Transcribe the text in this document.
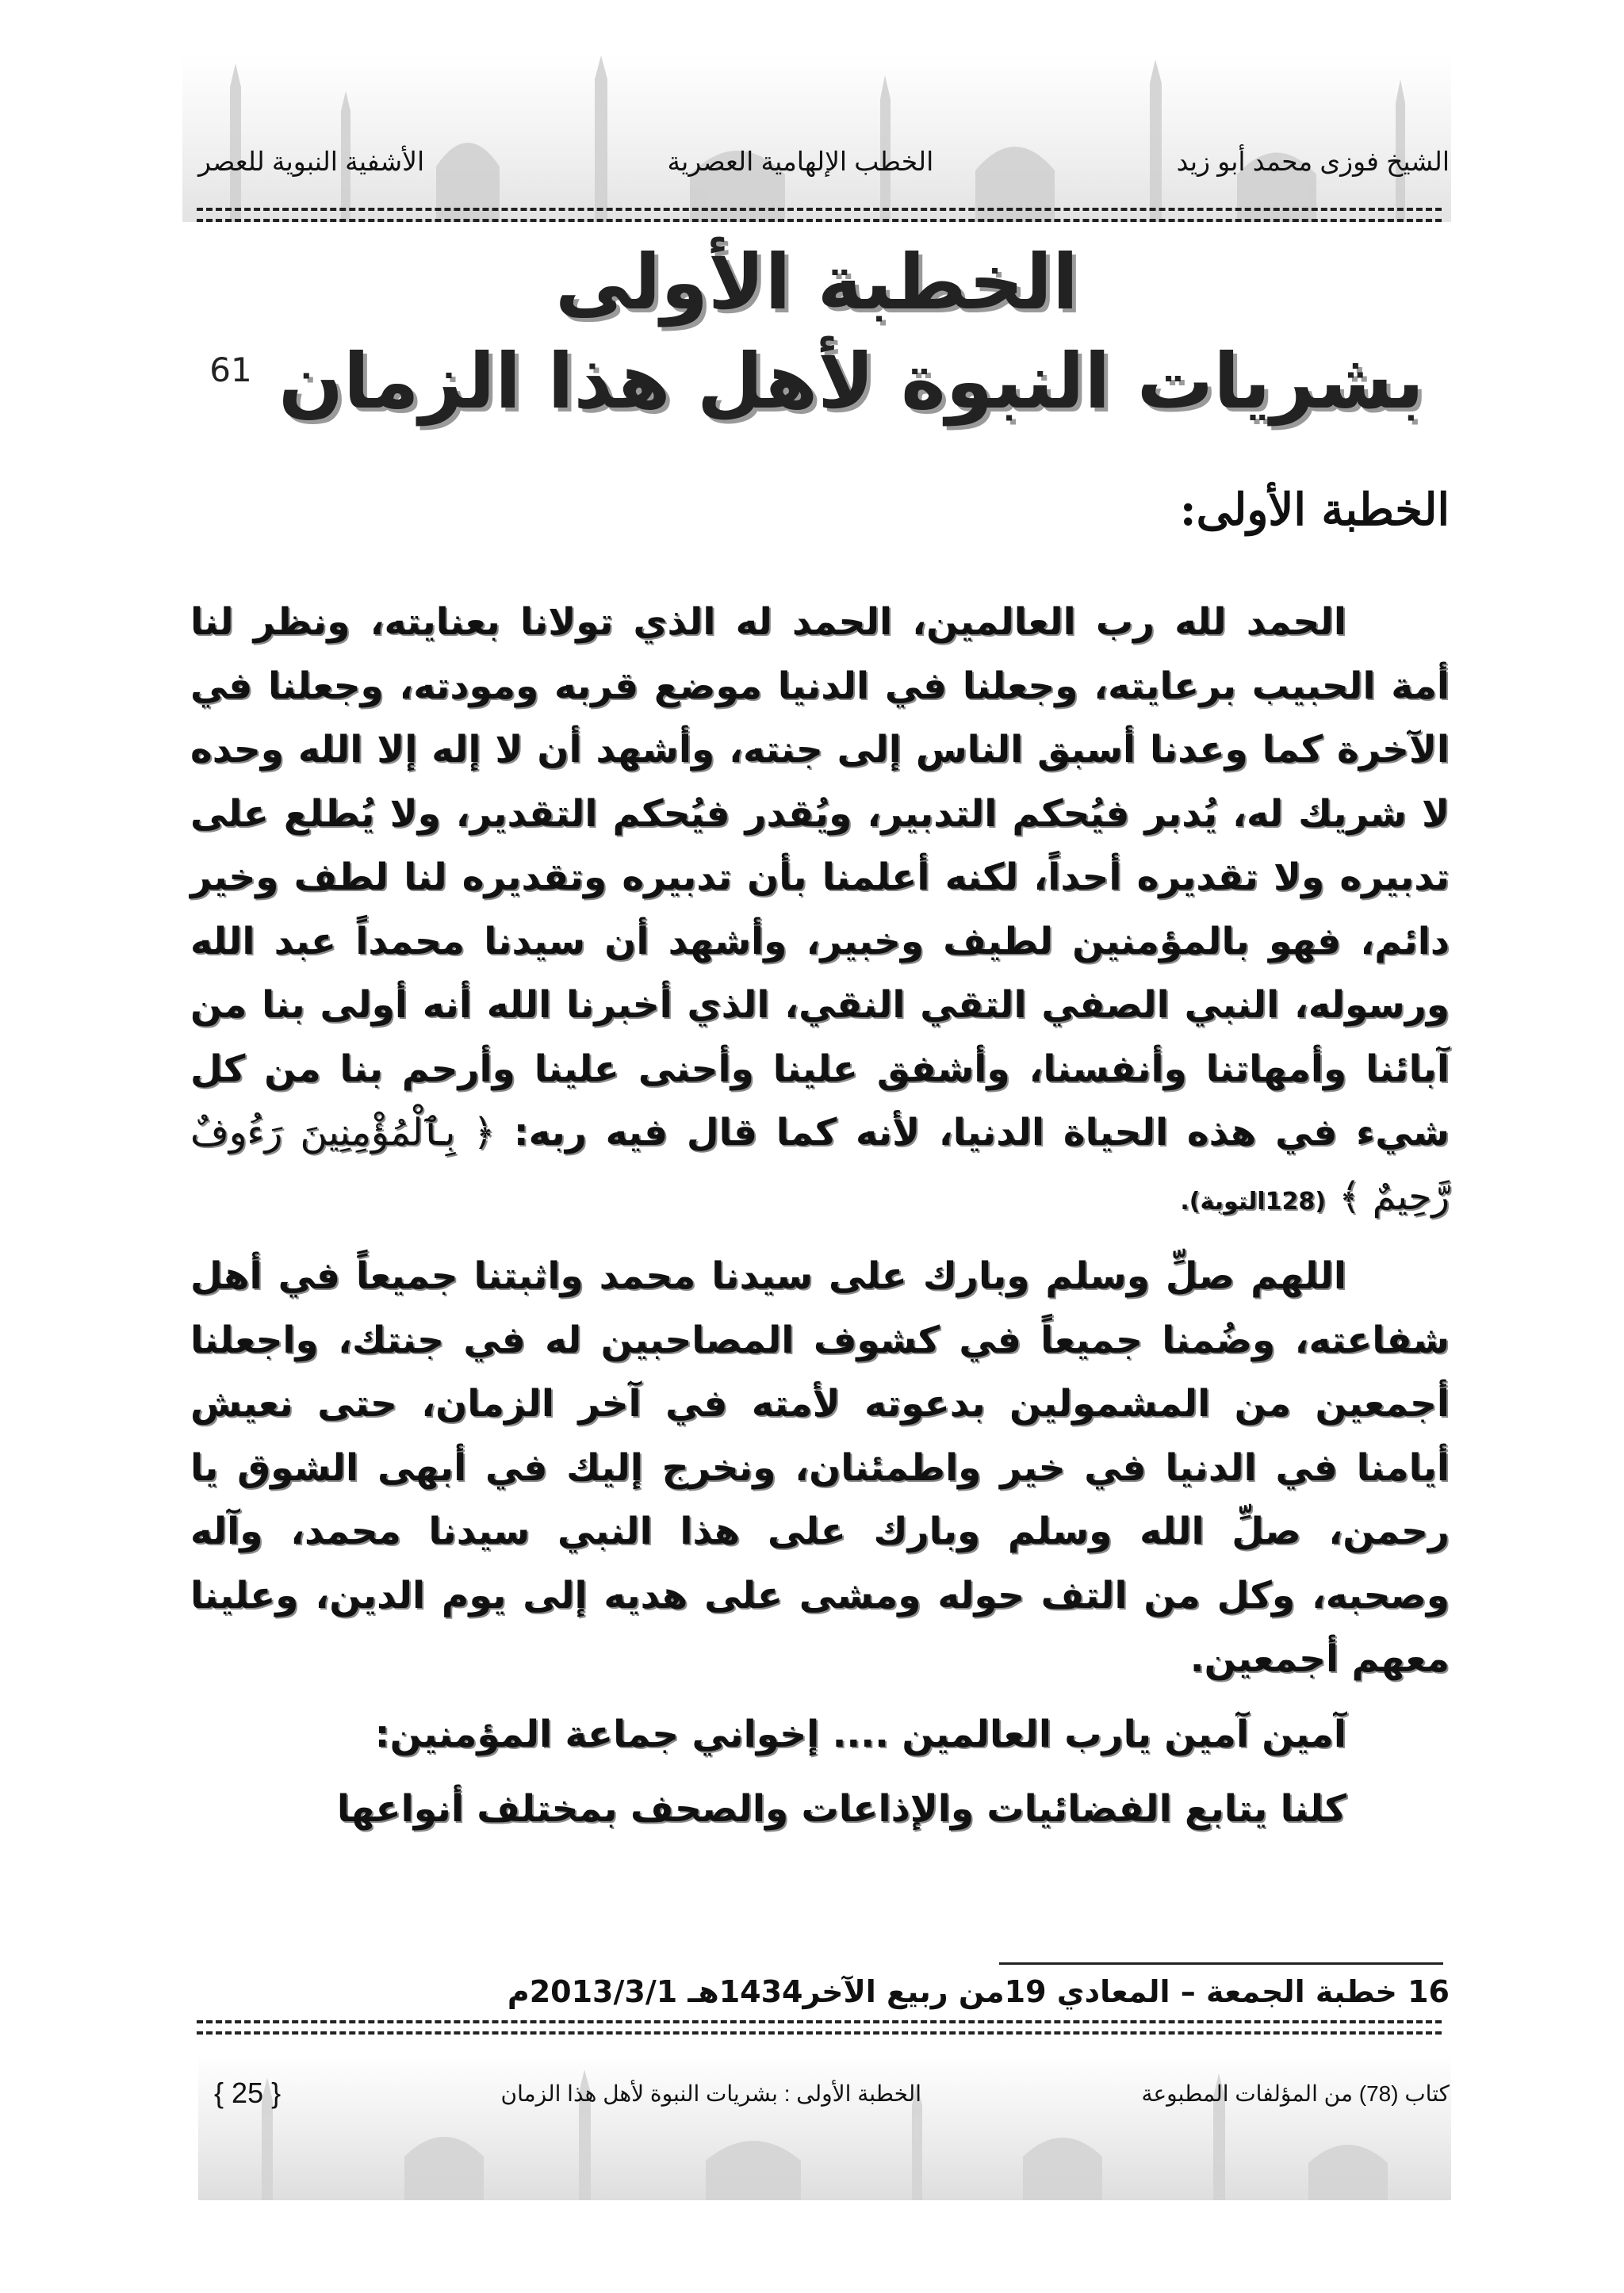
الشيخ فوزى محمد أبو زيد
الخطب الإلهامية العصرية
الأشفية النبوية للعصر
الخطبة الأولى
بشريات النبوة لأهل هذا الزمان $^{61}$
الخطبة الأولى:

الحمد لله رب العالمين، الحمد له الذي تولانا بعنايته، ونظر لنا أمة الحبيب برعايته، وجعلنا في الدنيا موضع قربه ومودته، وجعلنا في الآخرة كما وعدنا أسبق الناس إلى جنته، وأشهد أن لا إله إلا الله وحده لا شريك له، يُدبر فيُحكم التدبير، ويُقدر فيُحكم التقدير، ولا يُطلع على تدبيره ولا تقديره أحداً، لكنه أعلمنا بأن تدبيره وتقديره لنا لطف وخير دائم، فهو بالمؤمنين لطيف وخبير، وأشهد أن سيدنا محمداً عبد الله ورسوله، النبي الصفي التقي النقي، الذي أخبرنا الله أنه أولى بنا من آبائنا وأمهاتنا وأنفسنا، وأشفق علينا وأحنى علينا وأرحم بنا من كل شيء في هذه الحياة الدنيا، لأنه كما قال فيه ربه: ﴿ بِٱلْمُؤْمِنِينَ رَءُوفٌ رَّحِيمٌ ﴾ (128التوبة).

اللهم صلِّ وسلم وبارك على سيدنا محمد واثبتنا جميعاً في أهل شفاعته، وضُمنا جميعاً في كشوف المصاحبين له في جنتك، واجعلنا أجمعين من المشمولين بدعوته لأمته في آخر الزمان، حتى نعيش أيامنا في الدنيا في خير واطمئنان، ونخرج إليك في أبهى الشوق يا رحمن، صلِّ الله وسلم وبارك على هذا النبي سيدنا محمد، وآله وصحبه، وكل من التف حوله ومشى على هديه إلى يوم الدين، وعلينا معهم أجمعين.

آمين آمين يارب العالمين .... إخواني جماعة المؤمنين:

كلنا يتابع الفضائيات والإذاعات والصحف بمختلف أنواعها

16 خطبة الجمعة – المعادي 19من ربيع الآخر1434هـ 2013/3/1م
كتاب (78) من المؤلفات المطبوعة
الخطبة الأولى : بشريات النبوة لأهل هذا الزمان
{ 25 }
